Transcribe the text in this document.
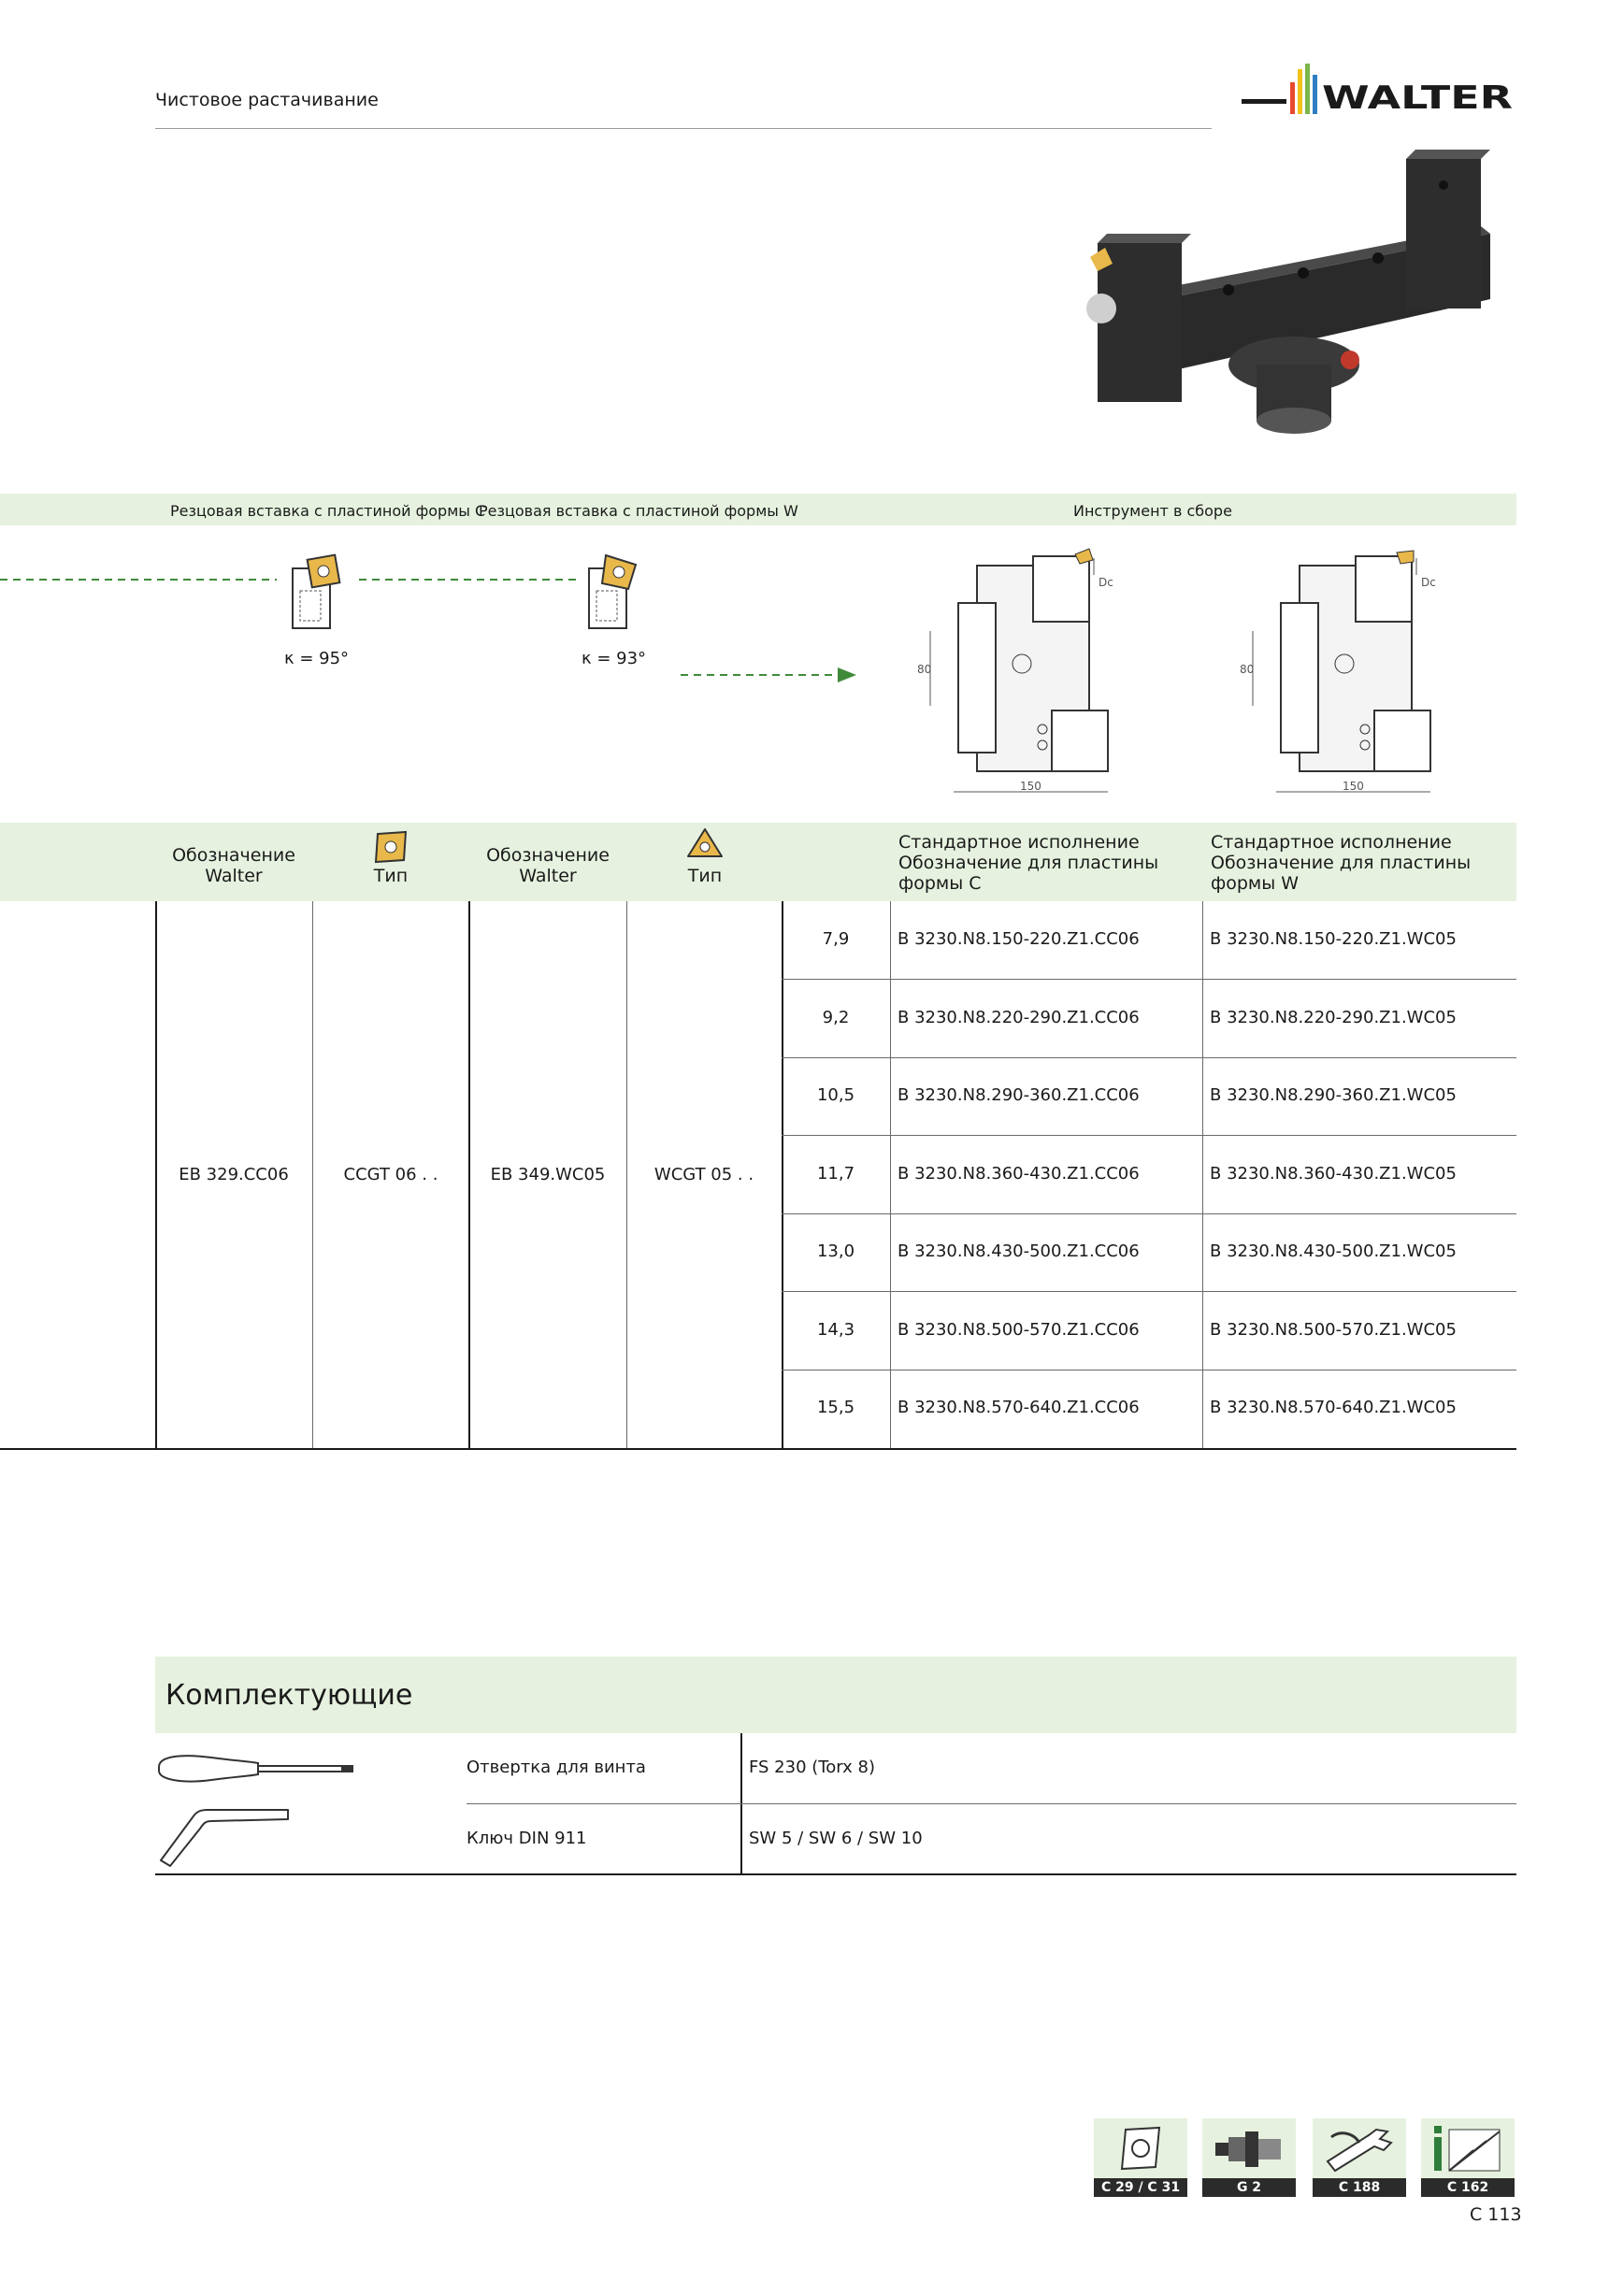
Чистовое растачивание	WALTER
Резцовая вставка с пластиной формы C
Резцовая вставка с пластиной формы W	Инструмент в сборе
κ = 95°	κ = 93°
80
Dc
150
80
Dc
150
Обозначение
Walter	Тип
Обозначение
Walter	Тип
Стандартное исполнение
Обозначение для пластины
формы C
Стандартное исполнение
Обозначение для пластины
формы W
EB 329.CC06	CCGT 06 . .	EB 349.WC05	WCGT 05 . .
7,9	B 3230.N8.150-220.Z1.CC06	B 3230.N8.150-220.Z1.WC05
9,2	B 3230.N8.220-290.Z1.CC06	B 3230.N8.220-290.Z1.WC05
10,5	B 3230.N8.290-360.Z1.CC06	B 3230.N8.290-360.Z1.WC05
11,7	B 3230.N8.360-430.Z1.CC06	B 3230.N8.360-430.Z1.WC05
13,0	B 3230.N8.430-500.Z1.CC06	B 3230.N8.430-500.Z1.WC05
14,3	B 3230.N8.500-570.Z1.CC06	B 3230.N8.500-570.Z1.WC05
15,5	B 3230.N8.570-640.Z1.CC06	B 3230.N8.570-640.Z1.WC05
Комплектующие
Отвертка для винта	FS 230 (Torx 8)
Ключ DIN 911	SW 5 / SW 6 / SW 10
C 29 / C 31	G 2	C 188	C 162
C 113
